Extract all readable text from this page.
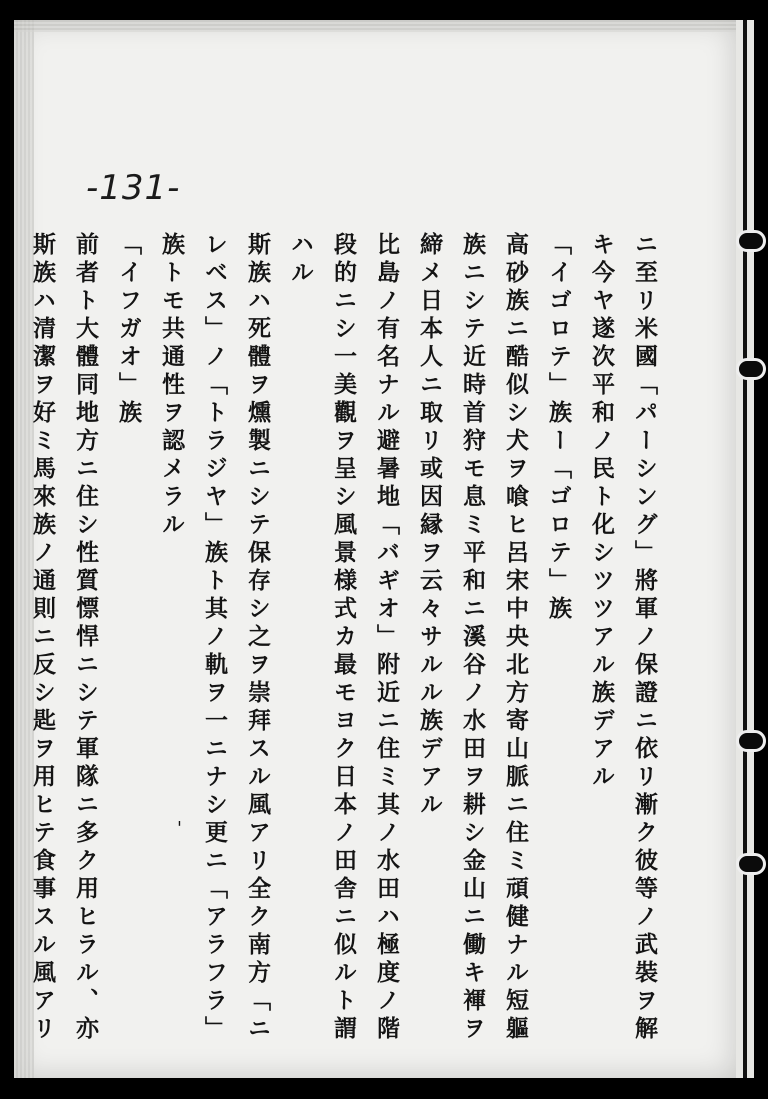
-131-
ニ至リ米國「パーシング」將軍ノ保證ニ依リ漸ク彼等ノ武裝ヲ解
キ今ヤ遂次平和ノ民ト化シツツアル族デアル
「イゴロテ」族ー「ゴロテ」族
高砂族ニ酷似シ犬ヲ喰ヒ呂宋中央北方寄山脈ニ住ミ頑健ナル短軀
族ニシテ近時首狩モ息ミ平和ニ溪谷ノ水田ヲ耕シ金山ニ働キ褌ヲ
締メ日本人ニ取リ或因縁ヲ云々サルル族デアル
比島ノ有名ナル避暑地「バギオ」附近ニ住ミ其ノ水田ハ極度ノ階
段的ニシ一美觀ヲ呈シ風景様式カ最モヨク日本ノ田舎ニ似ルト謂
ハル
斯族ハ死體ヲ燻製ニシテ保存シ之ヲ崇拜スル風アリ全ク南方「ニ
レベス」ノ「トラジヤ」族ト其ノ軌ヲ一ニナシ更ニ「アラフラ」
族トモ共通性ヲ認メラル
「イフガオ」族
前者ト大體同地方ニ住シ性質慓悍ニシテ軍隊ニ多ク用ヒラル、亦
斯族ハ清潔ヲ好ミ馬來族ノ通則ニ反シ匙ヲ用ヒテ食事スル風アリ	'
